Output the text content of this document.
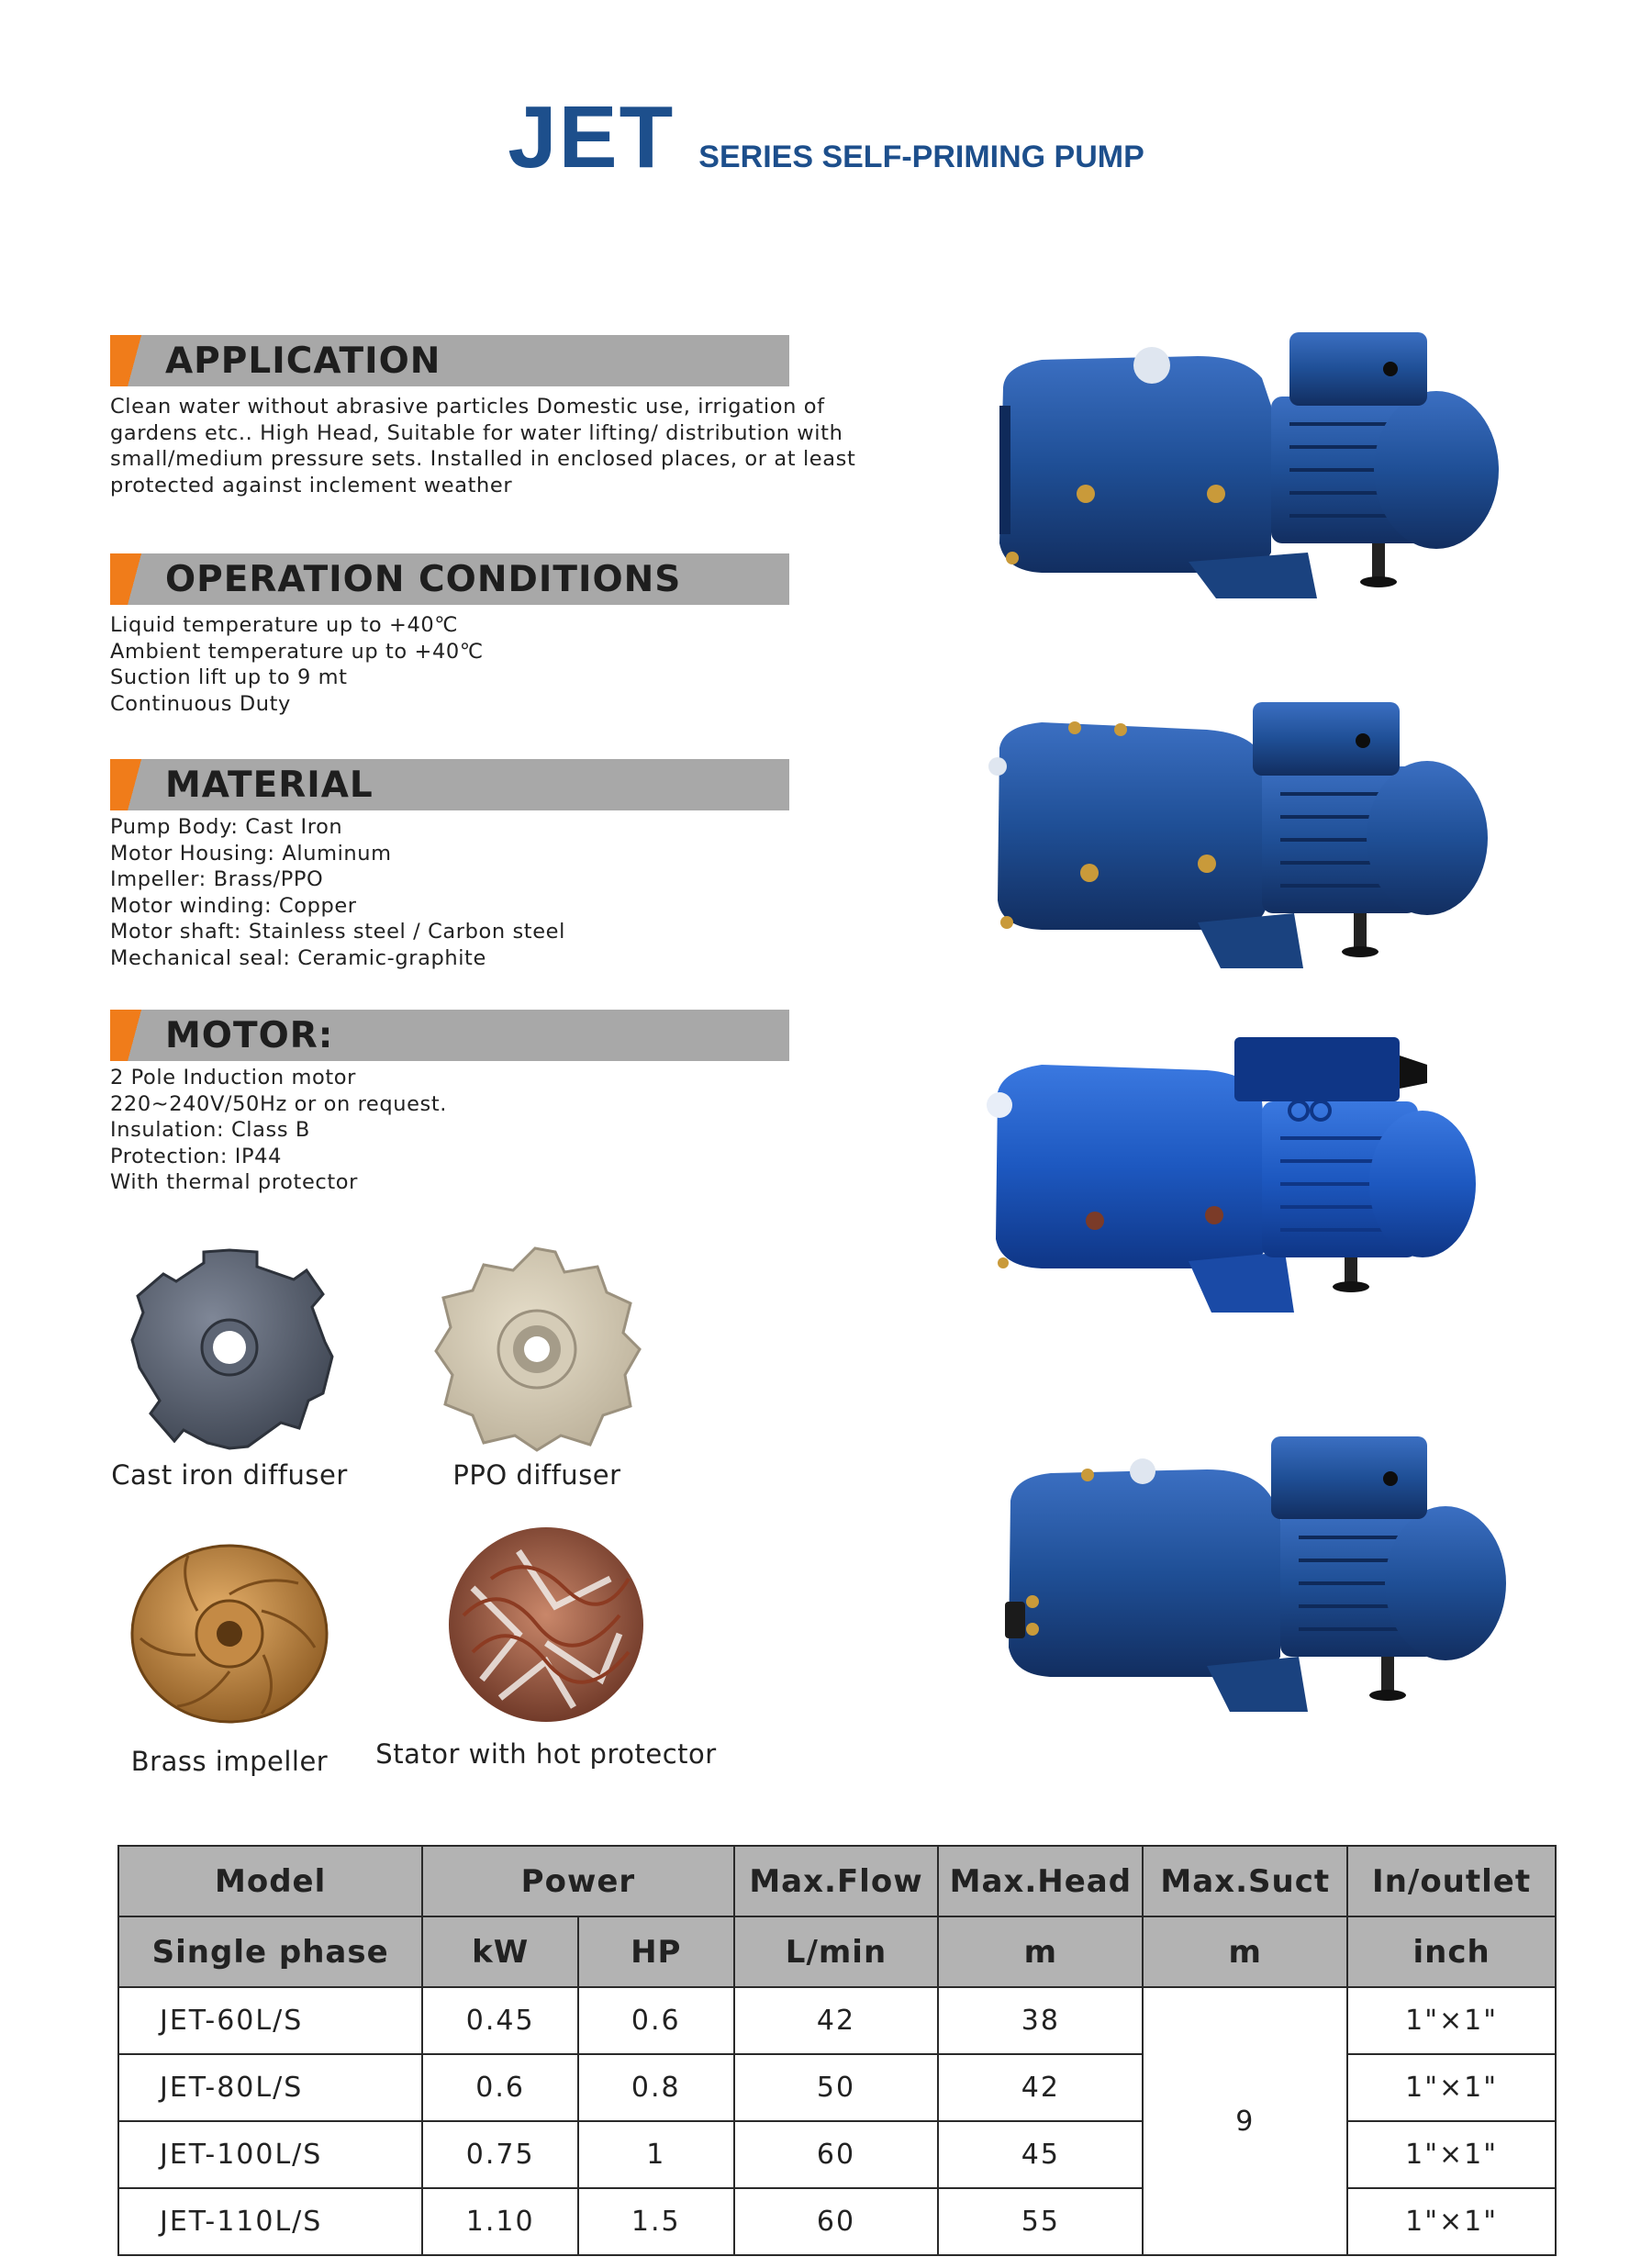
JET SERIES SELF-PRIMING PUMP
APPLICATION
Clean water without abrasive particles Domestic use, irrigation of
gardens etc.. High Head, Suitable for water lifting/ distribution with
small/medium pressure sets. Installed in enclosed places, or at least
protected against inclement weather
OPERATION CONDITIONS
Liquid temperature up to +40℃
Ambient temperature up to +40℃
Suction lift up to 9 mt
Continuous Duty
MATERIAL
Pump Body: Cast Iron
Motor Housing: Aluminum
Impeller: Brass/PPO
Motor winding: Copper
Motor shaft: Stainless steel / Carbon steel
Mechanical seal: Ceramic-graphite
MOTOR:
2 Pole Induction motor
220~240V/50Hz or on request.
Insulation: Class B
Protection: IP44
With thermal protector
Cast iron diffuser	PPO diffuser
Brass impeller	Stator with hot protector
Model	Power		Max.Flow	Max.Head	Max.Suct	In/outlet
Single phase	kW	HP	L/min	m	m	inch
JET-60L/S	0.45	0.6	42	38	9	1"×1"
JET-80L/S	0.6	0.8	50	42		1"×1"
JET-100L/S	0.75	1	60	45		1"×1"
JET-110L/S	1.10	1.5	60	55		1"×1"
